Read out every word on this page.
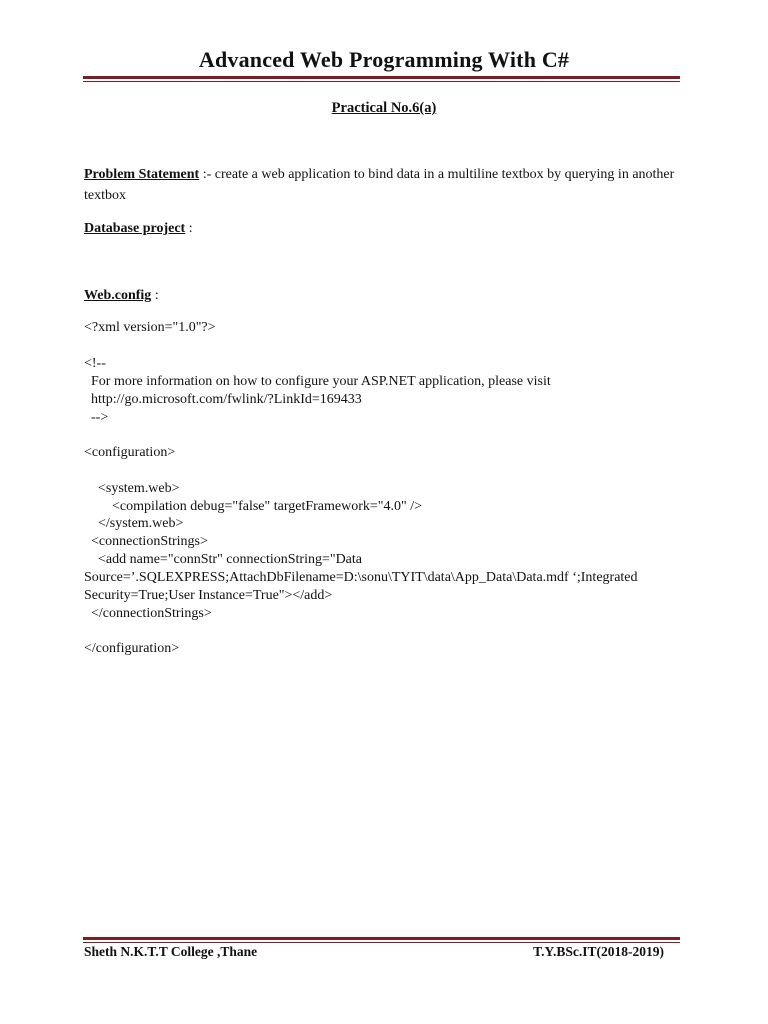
Advanced Web Programming With C#
Practical No.6(a)
Problem Statement :- create a web application to bind data in a multiline textbox by querying in another textbox
Database project :
Web.config :
<?xml version="1.0"?>
<!--
For more information on how to configure your ASP.NET application, please visit
http://go.microsoft.com/fwlink/?LinkId=169433
-->
<configuration>
<system.web>
<compilation debug="false" targetFramework="4.0" />
</system.web>
<connectionStrings>
<add name="connStr" connectionString="Data
Source=’.SQLEXPRESS;AttachDbFilename=D:\sonu\TYIT\data\App_Data\Data.mdf ‘;Integrated
Security=True;User Instance=True"></add>
</connectionStrings>
</configuration>
Sheth N.K.T.T College ,Thane	T.Y.BSc.IT(2018-2019)
